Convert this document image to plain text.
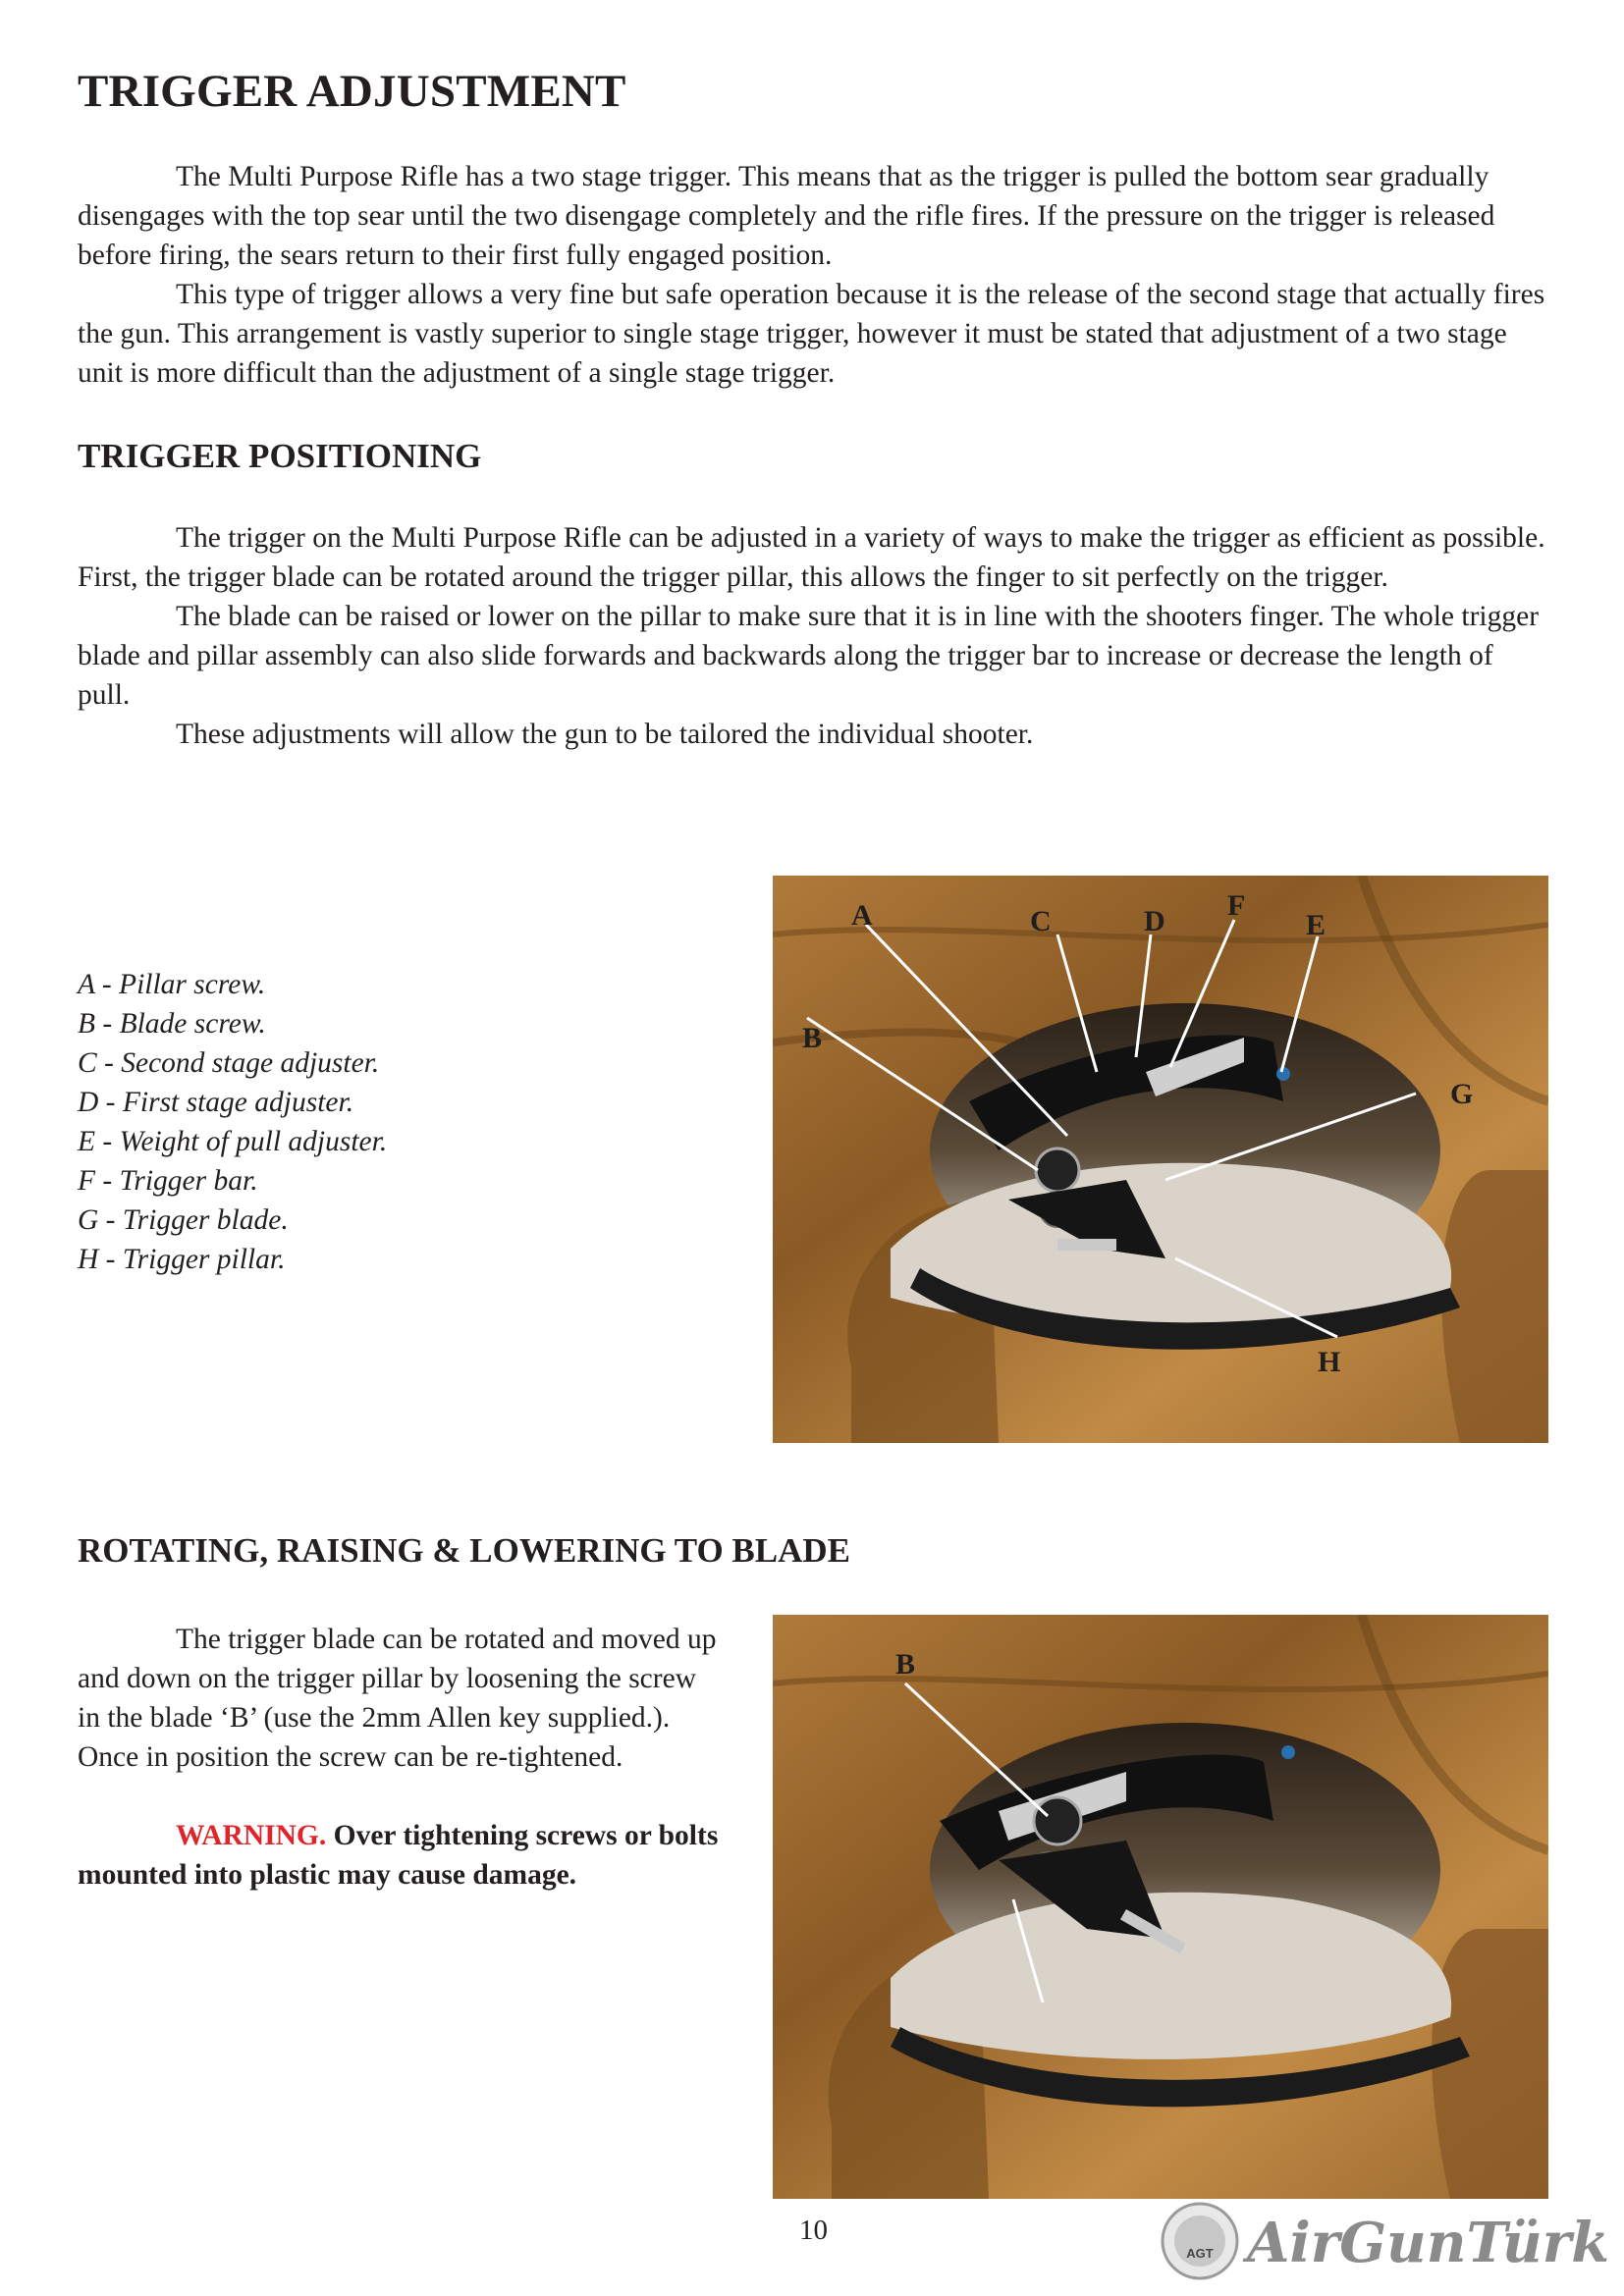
TRIGGER ADJUSTMENT

The Multi Purpose Rifle has a two stage trigger. This means that as the trigger is pulled the bottom sear gradually disengages with the top sear until the two disengage completely and the rifle fires. If the pressure on the trigger is released before firing, the sears return to their first fully engaged position.

This type of trigger allows a very fine but safe operation because it is the release of the second stage that actually fires the gun. This arrangement is vastly superior to single stage trigger, however it must be stated that adjustment of a two stage unit is more difficult than the adjustment of a single stage trigger.

TRIGGER POSITIONING

The trigger on the Multi Purpose Rifle can be adjusted in a variety of ways to make the trigger as efficient as possible. First, the trigger blade can be rotated around the trigger pillar, this allows the finger to sit perfectly on the trigger.

The blade can be raised or lower on the pillar to make sure that it is in line with the shooters finger. The whole trigger blade and pillar assembly can also slide forwards and backwards along the trigger bar to increase or decrease the length of pull.

These adjustments will allow the gun to be tailored the individual shooter.

A - Pillar screw.
B - Blade screw.
C - Second stage adjuster.
D - First stage adjuster.
E - Weight of pull adjuster.
F - Trigger bar.
G - Trigger blade.
H - Trigger pillar.
A
B
C	D F
E
G
H
ROTATING, RAISING & LOWERING TO BLADE

The trigger blade can be rotated and moved up and down on the trigger pillar by loosening the screw in the blade ‘B’ (use the 2mm Allen key supplied.). Once in position the screw can be re-tightened.

WARNING. Over tightening screws or bolts mounted into plastic may cause damage.

B
10
AGT AirGunTürk
